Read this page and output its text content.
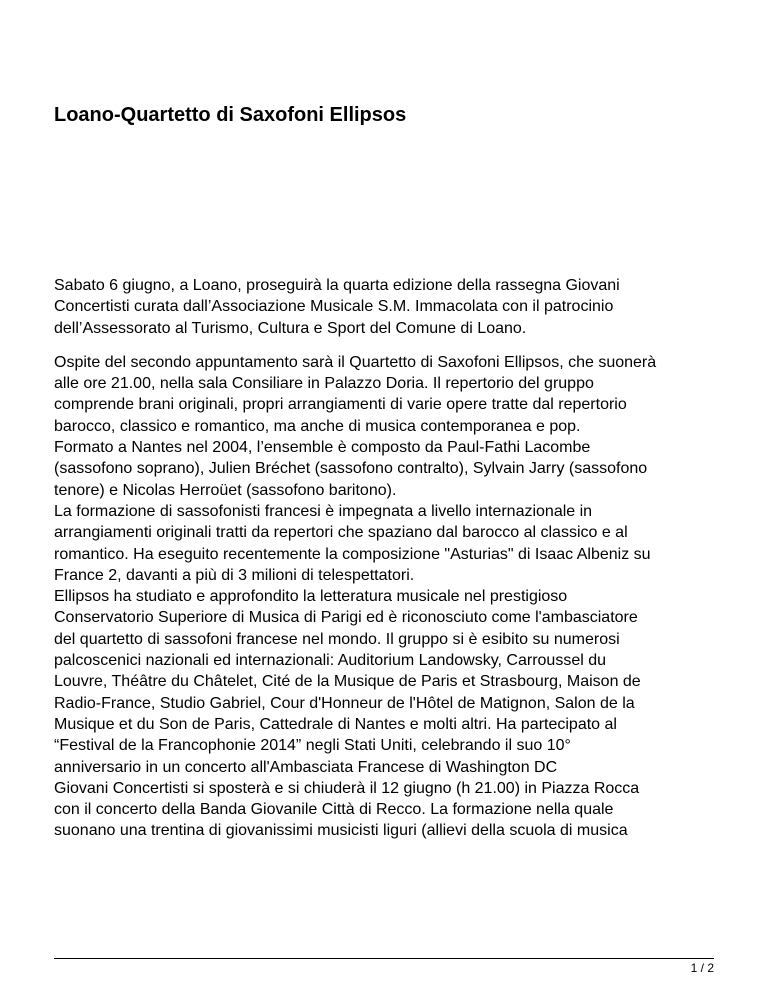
Loano-Quartetto di Saxofoni Ellipsos

Sabato 6 giugno, a Loano, proseguirà la quarta edizione della rassegna Giovani
Concertisti curata dall’Associazione Musicale S.M. Immacolata con il patrocinio
dell’Assessorato al Turismo, Cultura e Sport del Comune di Loano.

Ospite del secondo appuntamento sarà il Quartetto di Saxofoni Ellipsos, che suonerà
alle ore 21.00, nella sala Consiliare in Palazzo Doria. Il repertorio del gruppo
comprende brani originali, propri arrangiamenti di varie opere tratte dal repertorio
barocco, classico e romantico, ma anche di musica contemporanea e pop.
Formato a Nantes nel 2004, l’ensemble è composto da Paul-Fathi Lacombe
(sassofono soprano), Julien Bréchet (sassofono contralto), Sylvain Jarry (sassofono
tenore) e Nicolas Herroüet (sassofono baritono).
La formazione di sassofonisti francesi è impegnata a livello internazionale in
arrangiamenti originali tratti da repertori che spaziano dal barocco al classico e al
romantico. Ha eseguito recentemente la composizione "Asturias" di Isaac Albeniz su
France 2, davanti a più di 3 milioni di telespettatori.
Ellipsos ha studiato e approfondito la letteratura musicale nel prestigioso
Conservatorio Superiore di Musica di Parigi ed è riconosciuto come l'ambasciatore
del quartetto di sassofoni francese nel mondo. Il gruppo si è esibito su numerosi
palcoscenici nazionali ed internazionali: Auditorium Landowsky, Carroussel du
Louvre, Théâtre du Châtelet, Cité de la Musique de Paris et Strasbourg, Maison de
Radio-France, Studio Gabriel, Cour d'Honneur de l'Hôtel de Matignon, Salon de la
Musique et du Son de Paris, Cattedrale di Nantes e molti altri. Ha partecipato al
“Festival de la Francophonie 2014” negli Stati Uniti, celebrando il suo 10°
anniversario in un concerto all'Ambasciata Francese di Washington DC
Giovani Concertisti si sposterà e si chiuderà il 12 giugno (h 21.00) in Piazza Rocca
con il concerto della Banda Giovanile Città di Recco. La formazione nella quale
suonano una trentina di giovanissimi musicisti liguri (allievi della scuola di musica

1 / 2
